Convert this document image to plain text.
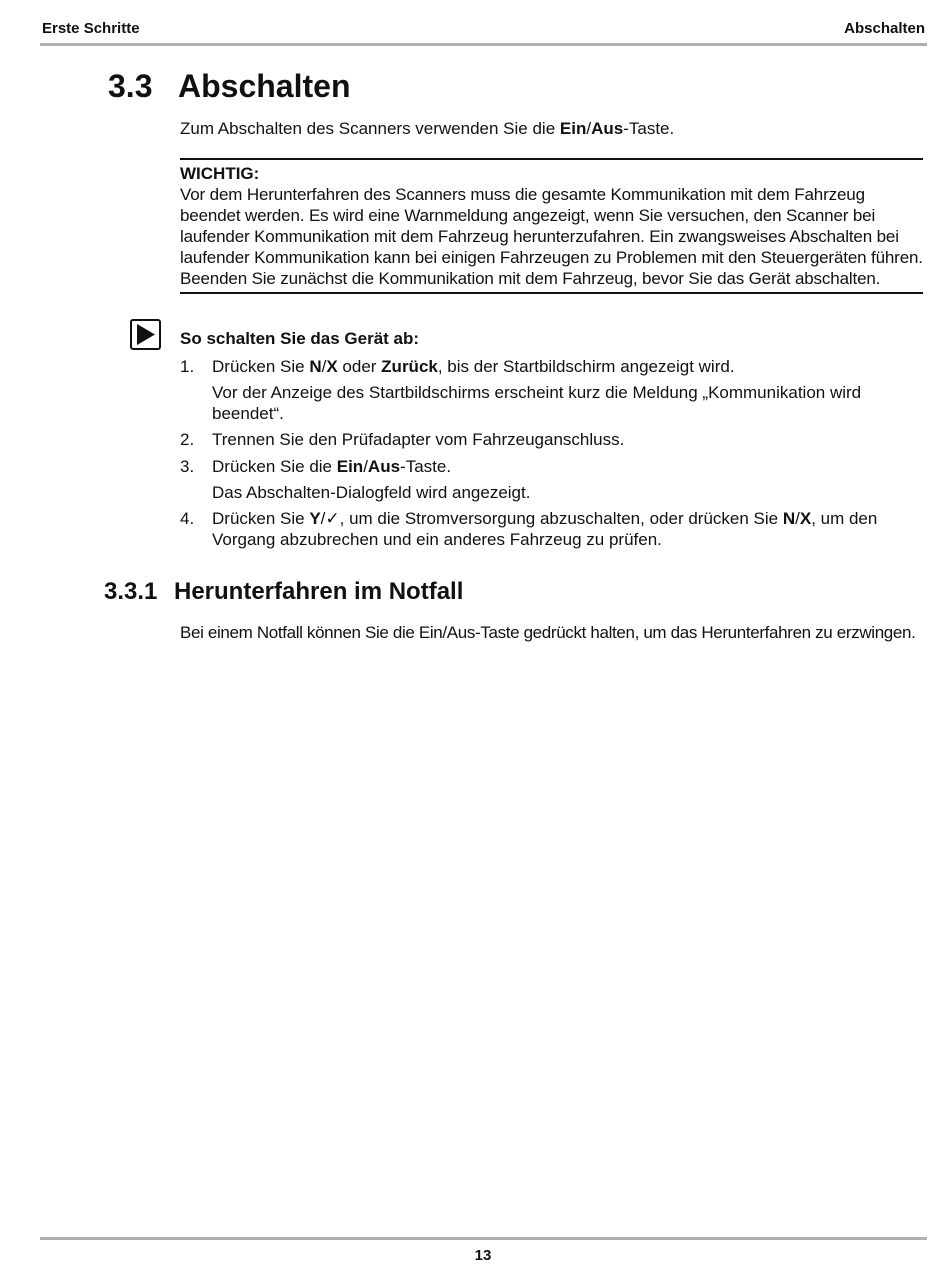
Erste Schritte	Abschalten
3.3 Abschalten
Zum Abschalten des Scanners verwenden Sie die Ein/Aus-Taste.
WICHTIG:
Vor dem Herunterfahren des Scanners muss die gesamte Kommunikation mit dem Fahrzeug beendet werden. Es wird eine Warnmeldung angezeigt, wenn Sie versuchen, den Scanner bei laufender Kommunikation mit dem Fahrzeug herunterzufahren. Ein zwangsweises Abschalten bei laufender Kommunikation kann bei einigen Fahrzeugen zu Problemen mit den Steuergeräten führen. Beenden Sie zunächst die Kommunikation mit dem Fahrzeug, bevor Sie das Gerät abschalten.
So schalten Sie das Gerät ab:
1. Drücken Sie N/X oder Zurück, bis der Startbildschirm angezeigt wird.
Vor der Anzeige des Startbildschirms erscheint kurz die Meldung „Kommunikation wird beendet“.
2. Trennen Sie den Prüfadapter vom Fahrzeuganschluss.
3. Drücken Sie die Ein/Aus-Taste.
Das Abschalten-Dialogfeld wird angezeigt.
4. Drücken Sie Y/✓, um die Stromversorgung abzuschalten, oder drücken Sie N/X, um den Vorgang abzubrechen und ein anderes Fahrzeug zu prüfen.
3.3.1 Herunterfahren im Notfall
Bei einem Notfall können Sie die Ein/Aus-Taste gedrückt halten, um das Herunterfahren zu erzwingen.
13
